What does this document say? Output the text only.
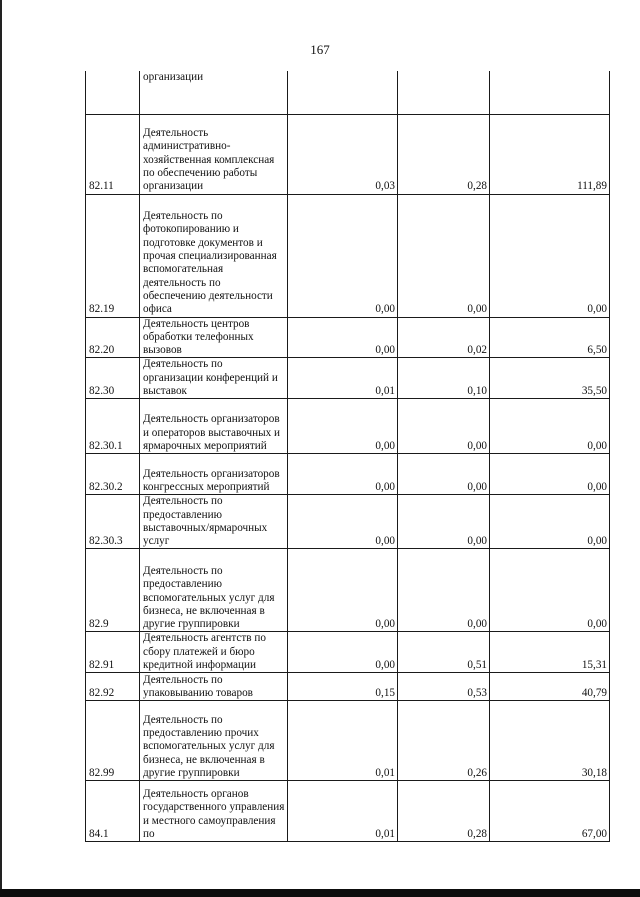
167

	организации			

82.11	Деятельность административно-хозяйственная комплексная по обеспечению работы организации	0,03	0,28	111,89
82.19	Деятельность по фотокопированию и подготовке документов и прочая специализированная вспомогательная деятельность по обеспечению деятельности офиса	0,00	0,00	0,00
82.20	Деятельность центров обработки телефонных вызовов	0,00	0,02	6,50
82.30	Деятельность по организации конференций и выставок	0,01	0,10	35,50
82.30.1	Деятельность организаторов и операторов выставочных и ярмарочных мероприятий	0,00	0,00	0,00
82.30.2	Деятельность организаторов конгрессных мероприятий	0,00	0,00	0,00
82.30.3	Деятельность по предоставлению выставочных/ярмарочных услуг	0,00	0,00	0,00
82.9	Деятельность по предоставлению вспомогательных услуг для бизнеса, не включенная в другие группировки	0,00	0,00	0,00
82.91	Деятельность агентств по сбору платежей и бюро кредитной информации	0,00	0,51	15,31
82.92	Деятельность по упаковыванию товаров	0,15	0,53	40,79
82.99	Деятельность по предоставлению прочих вспомогательных услуг для бизнеса, не включенная в другие группировки	0,01	0,26	30,18
84.1	Деятельность органов государственного управления и местного самоуправления по	0,01	0,28	67,00
